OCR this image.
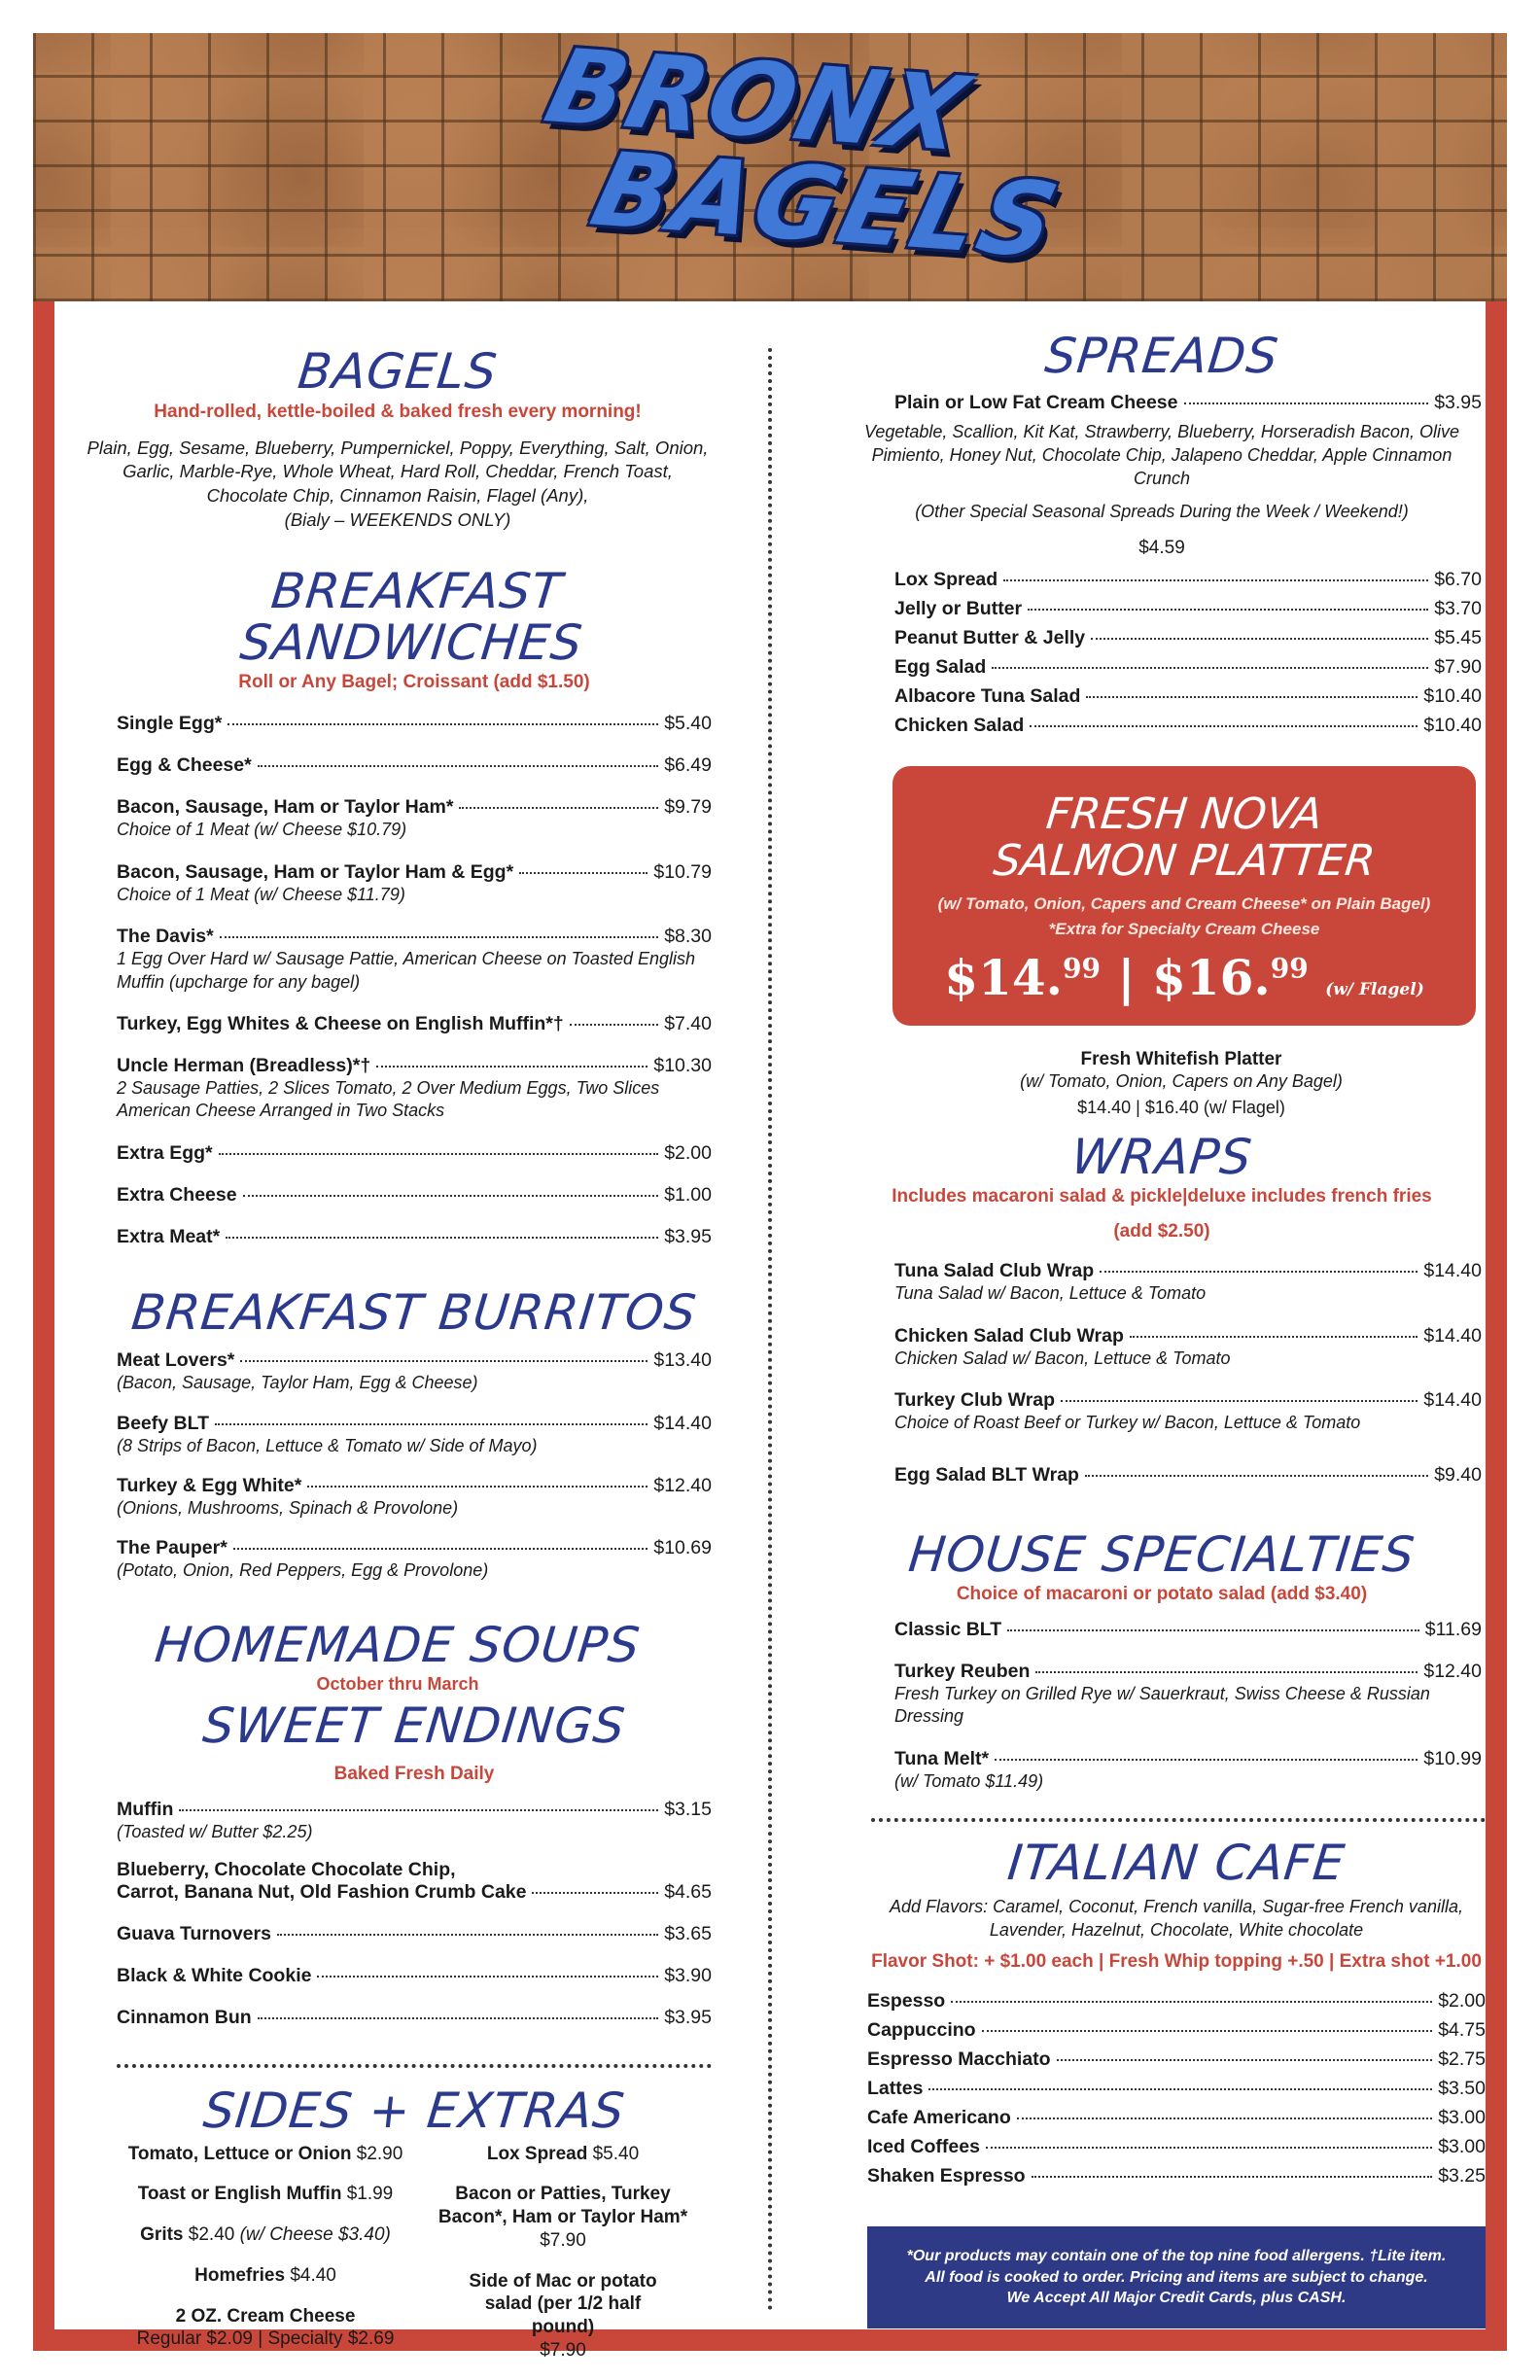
BRONX
BAGELS
BAGELS
Hand-rolled, kettle-boiled & baked fresh every morning!
Plain, Egg, Sesame, Blueberry, Pumpernickel, Poppy, Everything, Salt, Onion, Garlic, Marble-Rye, Whole Wheat, Hard Roll, Cheddar, French Toast, Chocolate Chip, Cinnamon Raisin, Flagel (Any),
(Bialy – WEEKENDS ONLY)
BREAKFAST SANDWICHES
Roll or Any Bagel; Croissant (add $1.50)
Single Egg*	$5.40
Egg & Cheese*	$6.49
Bacon, Sausage, Ham or Taylor Ham*	$9.79
Choice of 1 Meat (w/ Cheese $10.79)
Bacon, Sausage, Ham or Taylor Ham & Egg*	$10.79
Choice of 1 Meat (w/ Cheese $11.79)
The Davis*	$8.30
1 Egg Over Hard w/ Sausage Pattie, American Cheese on Toasted English Muffin (upcharge for any bagel)
Turkey, Egg Whites & Cheese on English Muffin*†	$7.40
Uncle Herman (Breadless)*†	$10.30
2 Sausage Patties, 2 Slices Tomato, 2 Over Medium Eggs, Two Slices American Cheese Arranged in Two Stacks
Extra Egg*	$2.00
Extra Cheese	$1.00
Extra Meat*	$3.95
BREAKFAST BURRITOS
Meat Lovers*	$13.40
(Bacon, Sausage, Taylor Ham, Egg & Cheese)
Beefy BLT	$14.40
(8 Strips of Bacon, Lettuce & Tomato w/ Side of Mayo)
Turkey & Egg White*	$12.40
(Onions, Mushrooms, Spinach & Provolone)
The Pauper*	$10.69
(Potato, Onion, Red Peppers, Egg & Provolone)
HOMEMADE SOUPS
October thru March
SWEET ENDINGS
Baked Fresh Daily
Muffin	$3.15
(Toasted w/ Butter $2.25)
Blueberry, Chocolate Chocolate Chip,
Carrot, Banana Nut, Old Fashion Crumb Cake	$4.65
Guava Turnovers	$3.65
Black & White Cookie	$3.90
Cinnamon Bun	$3.95
SIDES + EXTRAS
Tomato, Lettuce or Onion $2.90
Toast or English Muffin $1.99
Grits $2.40 (w/ Cheese $3.40)
Homefries $4.40
2 OZ. Cream Cheese
Regular $2.09 | Specialty $2.69
Lox Spread $5.40
Bacon or Patties, Turkey Bacon*, Ham or Taylor Ham*
$7.90
Side of Mac or potato salad (per 1/2 half pound)
$7.90
SPREADS
Plain or Low Fat Cream Cheese	$3.95
Vegetable, Scallion, Kit Kat, Strawberry, Blueberry, Horseradish Bacon, Olive Pimiento, Honey Nut, Chocolate Chip, Jalapeno Cheddar, Apple Cinnamon Crunch
(Other Special Seasonal Spreads During the Week / Weekend!)
$4.59
Lox Spread	$6.70
Jelly or Butter	$3.70
Peanut Butter & Jelly	$5.45
Egg Salad	$7.90
Albacore Tuna Salad	$10.40
Chicken Salad	$10.40
FRESH NOVA
SALMON PLATTER
(w/ Tomato, Onion, Capers and Cream Cheese* on Plain Bagel)
*Extra for Specialty Cream Cheese
$14.99 | $16.99 (w/ Flagel)
Fresh Whitefish Platter
(w/ Tomato, Onion, Capers on Any Bagel)
$14.40 | $16.40 (w/ Flagel)
WRAPS
Includes macaroni salad & pickle|deluxe includes french fries
(add $2.50)
Tuna Salad Club Wrap	$14.40
Tuna Salad w/ Bacon, Lettuce & Tomato
Chicken Salad Club Wrap	$14.40
Chicken Salad w/ Bacon, Lettuce & Tomato
Turkey Club Wrap	$14.40
Choice of Roast Beef or Turkey w/ Bacon, Lettuce & Tomato
Egg Salad BLT Wrap	$9.40
HOUSE SPECIALTIES
Choice of macaroni or potato salad (add $3.40)
Classic BLT	$11.69
Turkey Reuben	$12.40
Fresh Turkey on Grilled Rye w/ Sauerkraut, Swiss Cheese & Russian Dressing
Tuna Melt*	$10.99
(w/ Tomato $11.49)
ITALIAN CAFE
Add Flavors: Caramel, Coconut, French vanilla, Sugar-free French vanilla, Lavender, Hazelnut, Chocolate, White chocolate
Flavor Shot: + $1.00 each | Fresh Whip topping +.50 | Extra shot +1.00
Espesso	$2.00
Cappuccino	$4.75
Espresso Macchiato	$2.75
Lattes	$3.50
Cafe Americano	$3.00
Iced Coffees	$3.00
Shaken Espresso	$3.25
*Our products may contain one of the top nine food allergens. †Lite item.
All food is cooked to order. Pricing and items are subject to change.
We Accept All Major Credit Cards, plus CASH.
